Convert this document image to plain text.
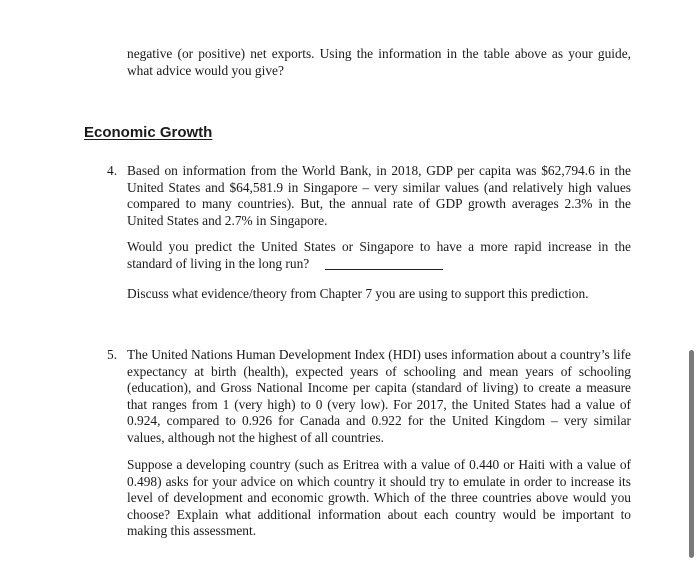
negative (or positive) net exports. Using the information in the table above as your guide, what advice would you give?
Economic Growth
4. Based on information from the World Bank, in 2018, GDP per capita was $62,794.6 in the United States and $64,581.9 in Singapore – very similar values (and relatively high values compared to many countries). But, the annual rate of GDP growth averages 2.3% in the United States and 2.7% in Singapore.
Would you predict the United States or Singapore to have a more rapid increase in the standard of living in the long run?
Discuss what evidence/theory from Chapter 7 you are using to support this prediction.
5. The United Nations Human Development Index (HDI) uses information about a country’s life expectancy at birth (health), expected years of schooling and mean years of schooling (education), and Gross National Income per capita (standard of living) to create a measure that ranges from 1 (very high) to 0 (very low). For 2017, the United States had a value of 0.924, compared to 0.926 for Canada and 0.922 for the United Kingdom – very similar values, although not the highest of all countries.
Suppose a developing country (such as Eritrea with a value of 0.440 or Haiti with a value of 0.498) asks for your advice on which country it should try to emulate in order to increase its level of development and economic growth. Which of the three countries above would you choose? Explain what additional information about each country would be important to making this assessment.
